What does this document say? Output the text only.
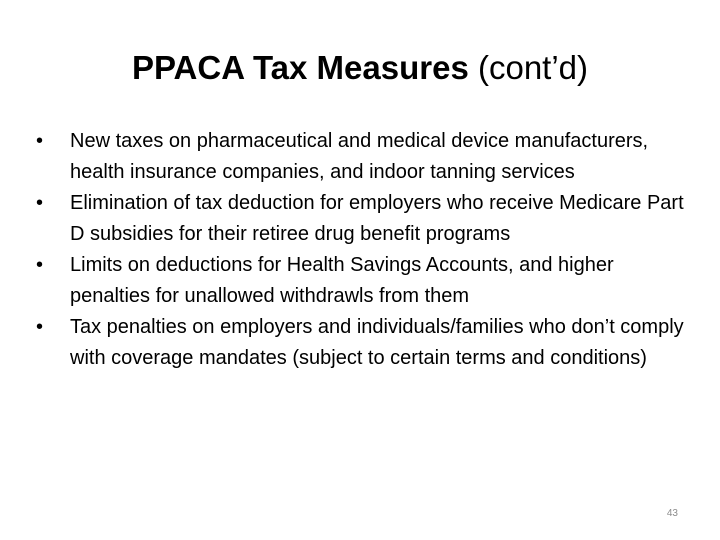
PPACA Tax Measures (cont’d)
•	New taxes on pharmaceutical and medical device manufacturers, health insurance companies, and indoor tanning services
•	Elimination of tax deduction for employers who receive Medicare Part D subsidies for their retiree drug benefit programs
•	Limits on deductions for Health Savings Accounts, and higher penalties for unallowed withdrawls from them
•	Tax penalties on employers and individuals/families who don’t comply with coverage mandates (subject to certain terms and conditions)
43
